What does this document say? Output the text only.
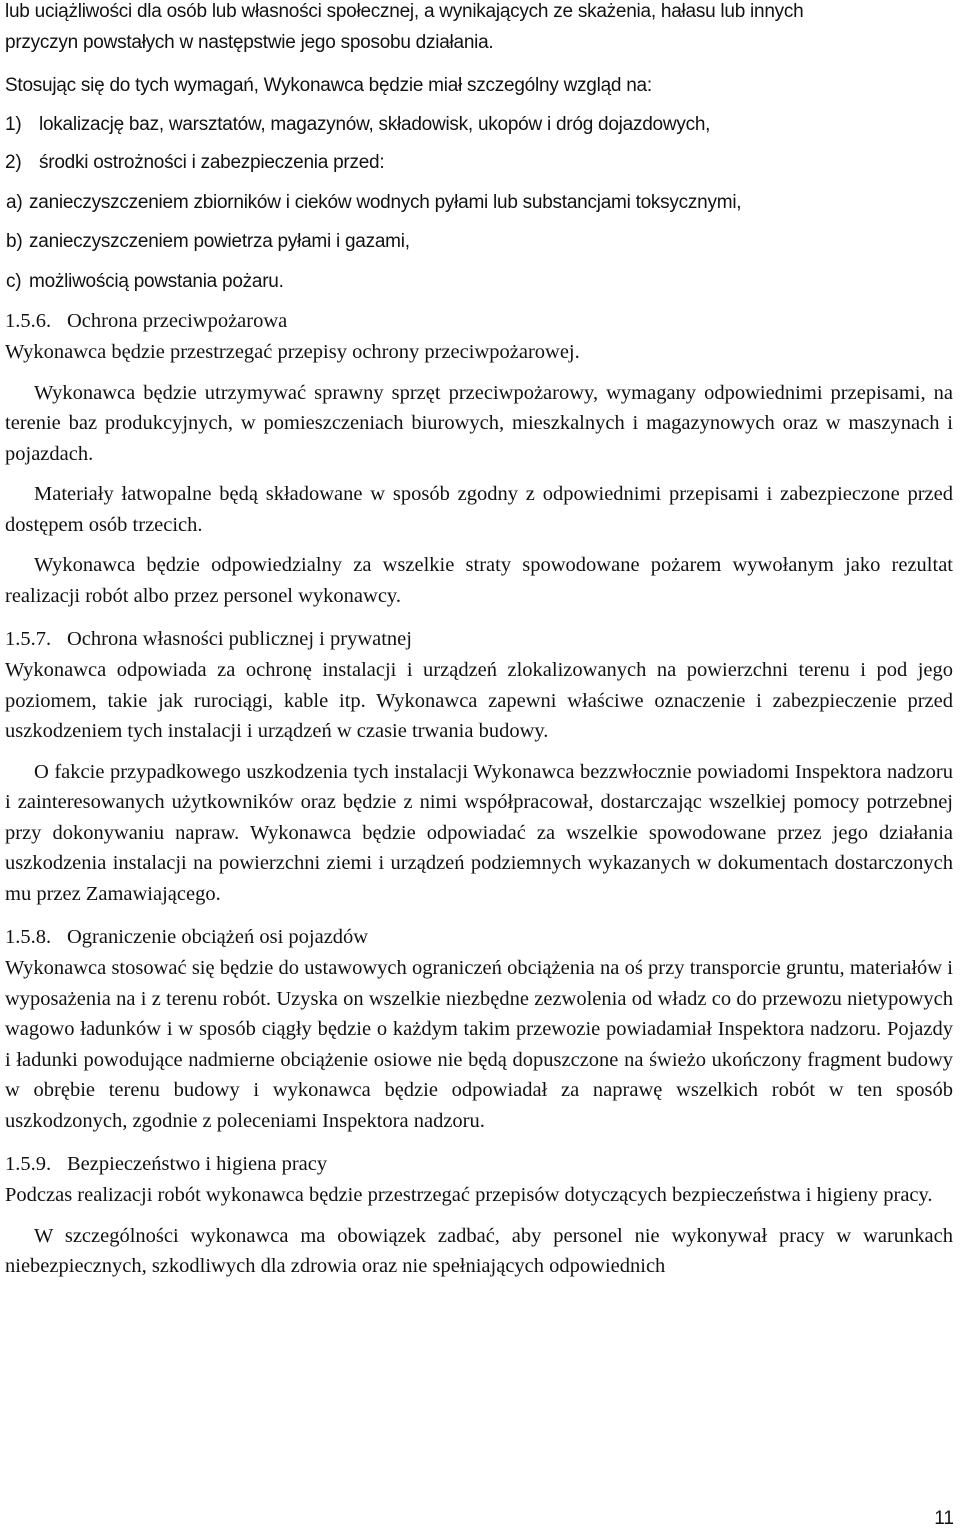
lub uciążliwości dla osób lub własności społecznej, a wynikających ze skażenia, hałasu lub innych

przyczyn powstałych w następstwie jego sposobu działania.

Stosując się do tych wymagań, Wykonawca będzie miał szczególny wzgląd na:

1) lokalizację baz, warsztatów, magazynów, składowisk, ukopów i dróg dojazdowych,
2) środki ostrożności i zabezpieczenia przed:
a) zanieczyszczeniem zbiorników i cieków wodnych pyłami lub substancjami toksycznymi,
b) zanieczyszczeniem powietrza pyłami i gazami,
c) możliwością powstania pożaru.
1.5.6. Ochrona przeciwpożarowa

Wykonawca będzie przestrzegać przepisy ochrony przeciwpożarowej.

Wykonawca będzie utrzymywać sprawny sprzęt przeciwpożarowy, wymagany odpowiednimi przepisami, na terenie baz produkcyjnych, w pomieszczeniach biurowych, mieszkalnych i magazynowych oraz w maszynach i pojazdach.

Materiały łatwopalne będą składowane w sposób zgodny z odpowiednimi przepisami i zabezpieczone przed dostępem osób trzecich.

Wykonawca będzie odpowiedzialny za wszelkie straty spowodowane pożarem wywołanym jako rezultat realizacji robót albo przez personel wykonawcy.

1.5.7. Ochrona własności publicznej i prywatnej

Wykonawca odpowiada za ochronę instalacji i urządzeń zlokalizowanych na powierzchni terenu i pod jego poziomem, takie jak rurociągi, kable itp. Wykonawca zapewni właściwe oznaczenie i zabezpieczenie przed uszkodzeniem tych instalacji i urządzeń w czasie trwania budowy.

O fakcie przypadkowego uszkodzenia tych instalacji Wykonawca bezzwłocznie powiadomi Inspektora nadzoru i zainteresowanych użytkowników oraz będzie z nimi współpracował, dostarczając wszelkiej pomocy potrzebnej przy dokonywaniu napraw. Wykonawca będzie odpowiadać za wszelkie spowodowane przez jego działania uszkodzenia instalacji na powierzchni ziemi i urządzeń podziemnych wykazanych w dokumentach dostarczonych mu przez Zamawiającego.

1.5.8. Ograniczenie obciążeń osi pojazdów

Wykonawca stosować się będzie do ustawowych ograniczeń obciążenia na oś przy transporcie gruntu, materiałów i wyposażenia na i z terenu robót. Uzyska on wszelkie niezbędne zezwolenia od władz co do przewozu nietypowych wagowo ładunków i w sposób ciągły będzie o każdym takim przewozie powiadamiał Inspektora nadzoru. Pojazdy i ładunki powodujące nadmierne obciążenie osiowe nie będą dopuszczone na świeżo ukończony fragment budowy w obrębie terenu budowy i wykonawca będzie odpowiadał za naprawę wszelkich robót w ten sposób uszkodzonych, zgodnie z poleceniami Inspektora nadzoru.

1.5.9. Bezpieczeństwo i higiena pracy

Podczas realizacji robót wykonawca będzie przestrzegać przepisów dotyczących bezpieczeństwa i higieny pracy.

W szczególności wykonawca ma obowiązek zadbać, aby personel nie wykonywał pracy w warunkach niebezpiecznych, szkodliwych dla zdrowia oraz nie spełniających odpowiednich

11
